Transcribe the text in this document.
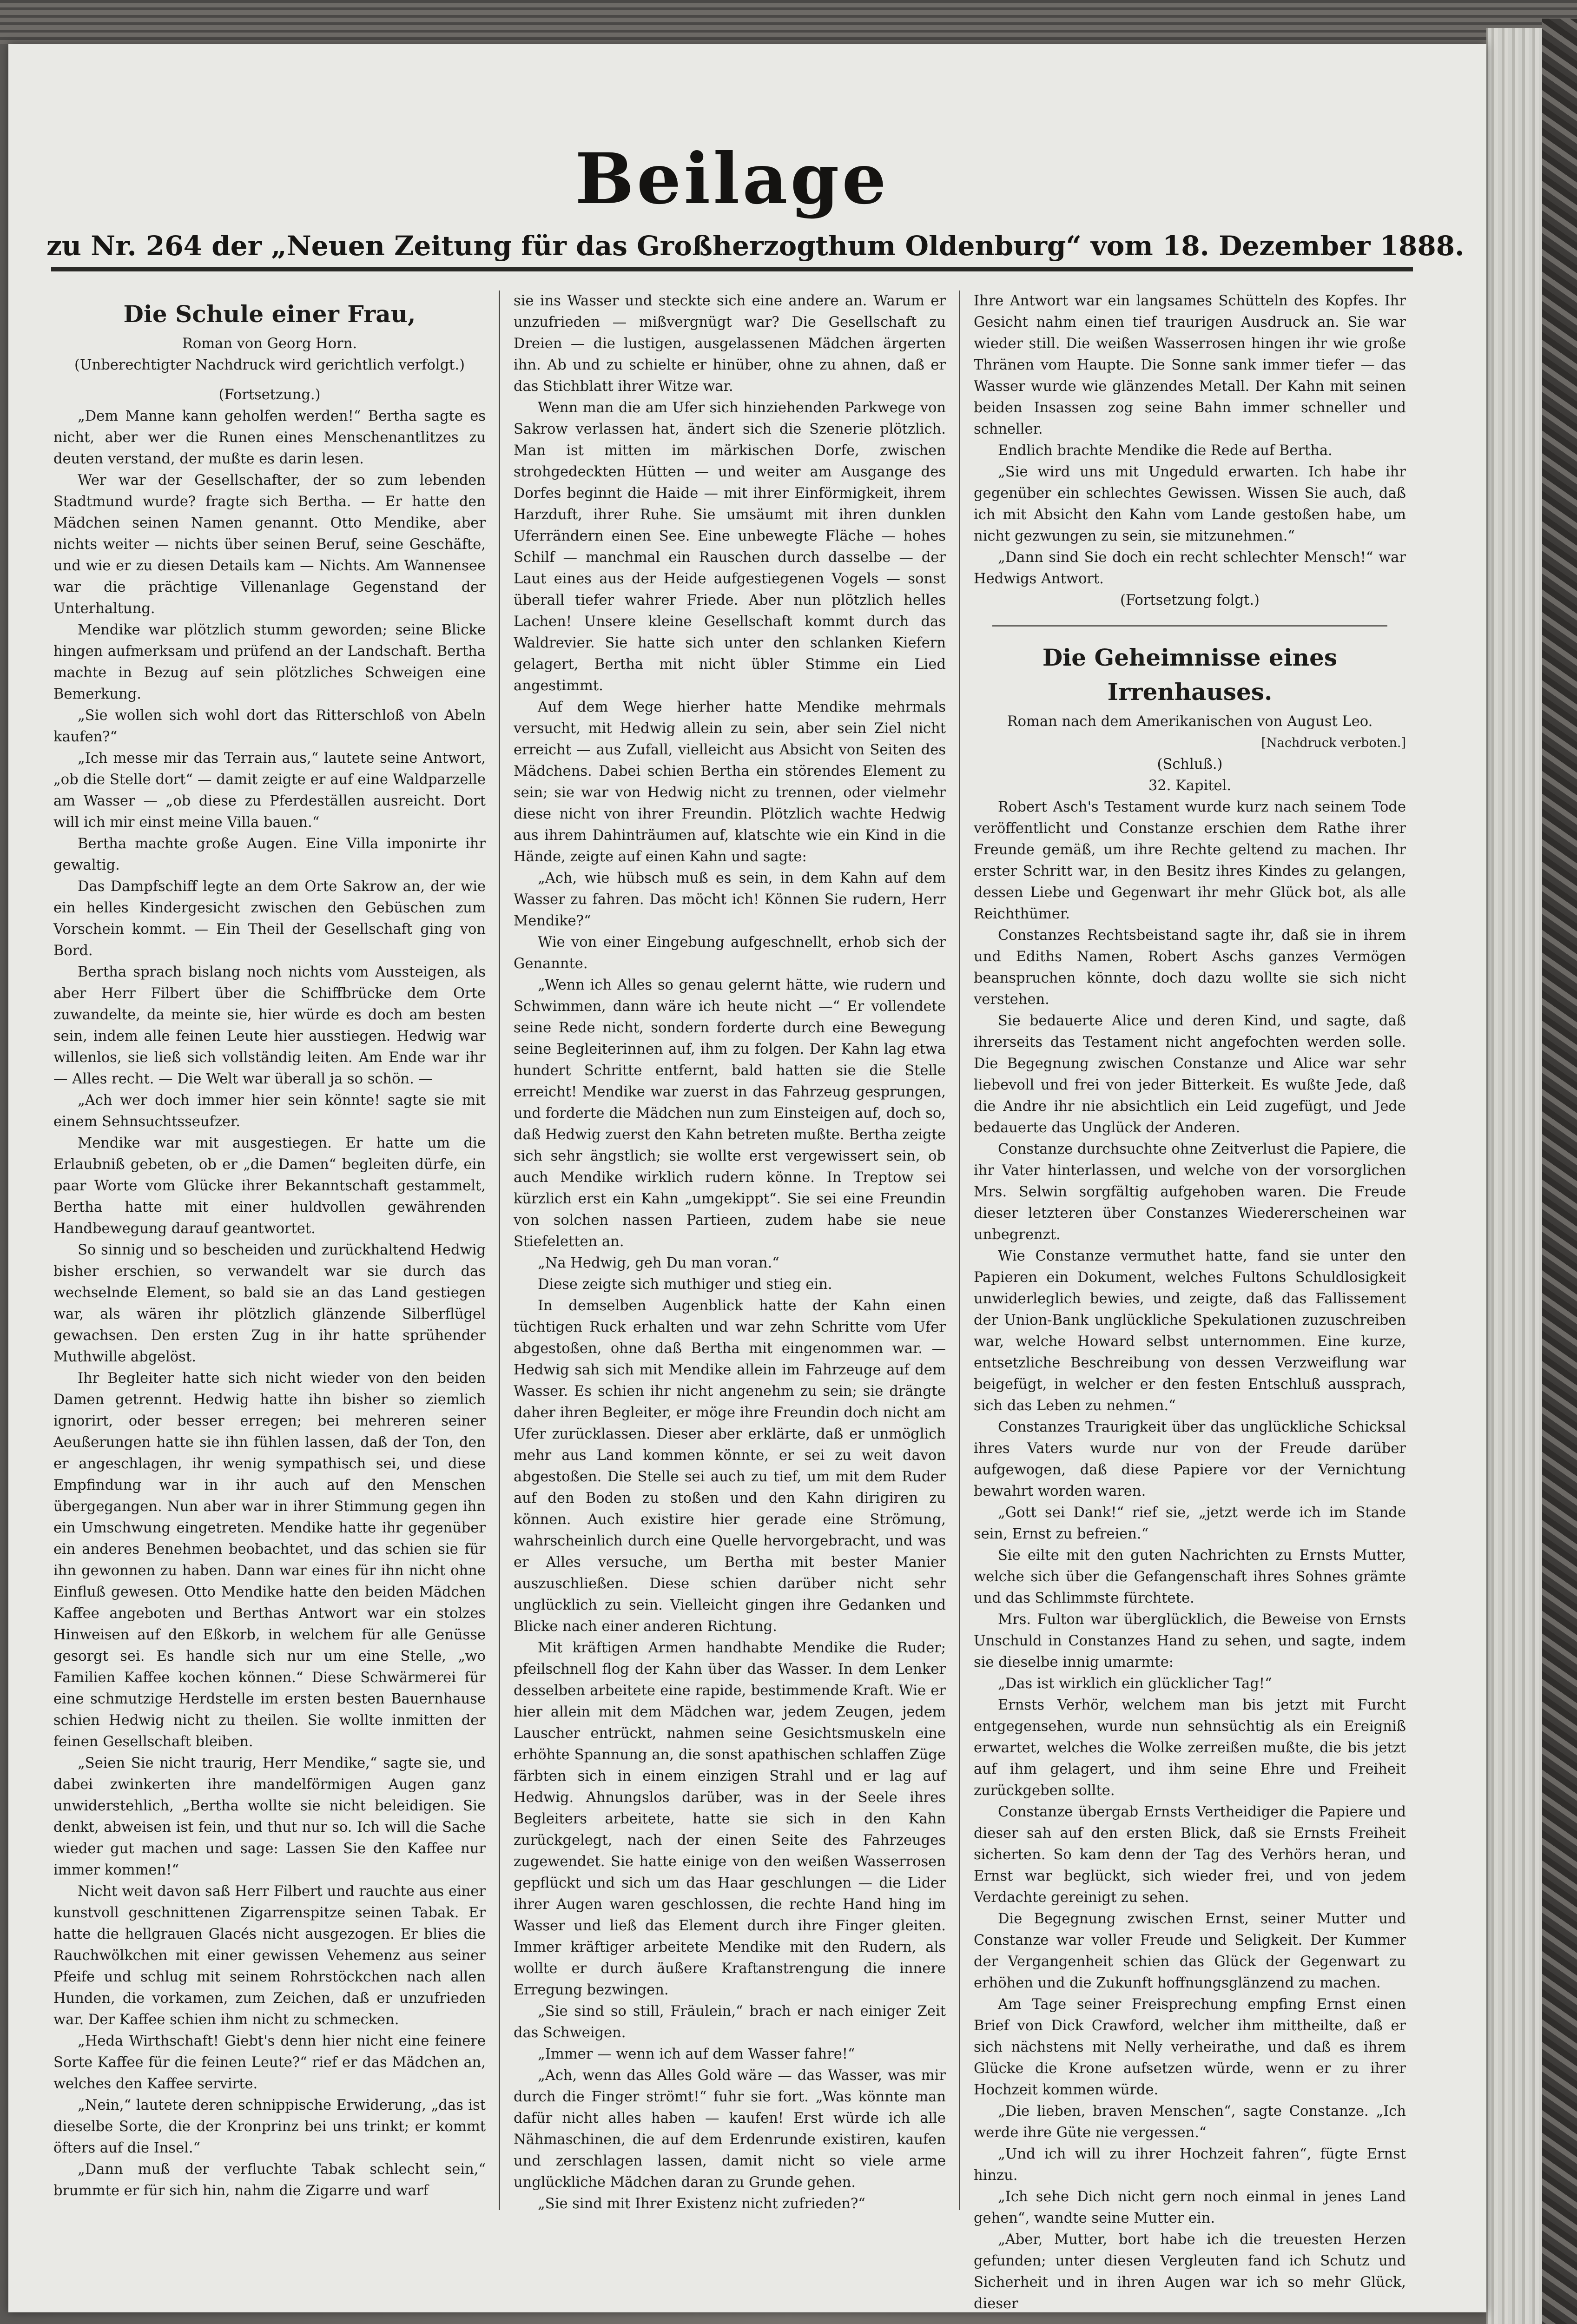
Beilage
zu Nr. 264 der „Neuen Zeitung für das Großherzogthum Oldenburg“ vom 18. Dezember 1888.
Die Schule einer Frau,

Roman von Georg Horn.

(Unberechtigter Nachdruck wird gerichtlich verfolgt.)

(Fortsetzung.)

„Dem Manne kann geholfen werden!“ Bertha sagte es nicht, aber wer die Runen eines Menschenantlitzes zu deuten verstand, der mußte es darin lesen.

Wer war der Gesellschafter, der so zum lebenden Stadtmund wurde? fragte sich Bertha. — Er hatte den Mädchen seinen Namen genannt. Otto Mendike, aber nichts weiter — nichts über seinen Beruf, seine Geschäfte, und wie er zu diesen Details kam — Nichts. Am Wannensee war die prächtige Villenanlage Gegenstand der Unterhaltung.

Mendike war plötzlich stumm geworden; seine Blicke hingen aufmerksam und prüfend an der Landschaft. Bertha machte in Bezug auf sein plötzliches Schweigen eine Bemerkung.

„Sie wollen sich wohl dort das Ritterschloß von Abeln kaufen?“

„Ich messe mir das Terrain aus,“ lautete seine Antwort, „ob die Stelle dort“ — damit zeigte er auf eine Waldparzelle am Wasser — „ob diese zu Pferdeställen ausreicht. Dort will ich mir einst meine Villa bauen.“

Bertha machte große Augen. Eine Villa imponirte ihr gewaltig.

Das Dampfschiff legte an dem Orte Sakrow an, der wie ein helles Kindergesicht zwischen den Gebüschen zum Vorschein kommt. — Ein Theil der Gesellschaft ging von Bord.

Bertha sprach bislang noch nichts vom Aussteigen, als aber Herr Filbert über die Schiffbrücke dem Orte zuwandelte, da meinte sie, hier würde es doch am besten sein, indem alle feinen Leute hier ausstiegen. Hedwig war willenlos, sie ließ sich vollständig leiten. Am Ende war ihr — Alles recht. — Die Welt war überall ja so schön. —

„Ach wer doch immer hier sein könnte! sagte sie mit einem Sehnsuchtsseufzer.

Mendike war mit ausgestiegen. Er hatte um die Erlaubniß gebeten, ob er „die Damen“ begleiten dürfe, ein paar Worte vom Glücke ihrer Bekanntschaft gestammelt, Bertha hatte mit einer huldvollen gewährenden Handbewegung darauf geantwortet.

So sinnig und so bescheiden und zurückhaltend Hedwig bisher erschien, so verwandelt war sie durch das wechselnde Element, so bald sie an das Land gestiegen war, als wären ihr plötzlich glänzende Silberflügel gewachsen. Den ersten Zug in ihr hatte sprühender Muthwille abgelöst.

Ihr Begleiter hatte sich nicht wieder von den beiden Damen getrennt. Hedwig hatte ihn bisher so ziemlich ignorirt, oder besser erregen; bei mehreren seiner Aeußerungen hatte sie ihn fühlen lassen, daß der Ton, den er angeschlagen, ihr wenig sympathisch sei, und diese Empfindung war in ihr auch auf den Menschen übergegangen. Nun aber war in ihrer Stimmung gegen ihn ein Umschwung eingetreten. Mendike hatte ihr gegenüber ein anderes Benehmen beobachtet, und das schien sie für ihn gewonnen zu haben. Dann war eines für ihn nicht ohne Einfluß gewesen. Otto Mendike hatte den beiden Mädchen Kaffee angeboten und Berthas Antwort war ein stolzes Hinweisen auf den Eßkorb, in welchem für alle Genüsse gesorgt sei. Es handle sich nur um eine Stelle, „wo Familien Kaffee kochen können.“ Diese Schwärmerei für eine schmutzige Herdstelle im ersten besten Bauernhause schien Hedwig nicht zu theilen. Sie wollte inmitten der feinen Gesellschaft bleiben.

„Seien Sie nicht traurig, Herr Mendike,“ sagte sie, und dabei zwinkerten ihre mandelförmigen Augen ganz unwiderstehlich, „Bertha wollte sie nicht beleidigen. Sie denkt, abweisen ist fein, und thut nur so. Ich will die Sache wieder gut machen und sage: Lassen Sie den Kaffee nur immer kommen!“

Nicht weit davon saß Herr Filbert und rauchte aus einer kunstvoll geschnittenen Zigarrenspitze seinen Tabak. Er hatte die hellgrauen Glacés nicht ausgezogen. Er blies die Rauchwölkchen mit einer gewissen Vehemenz aus seiner Pfeife und schlug mit seinem Rohrstöckchen nach allen Hunden, die vorkamen, zum Zeichen, daß er unzufrieden war. Der Kaffee schien ihm nicht zu schmecken.

„Heda Wirthschaft! Giebt's denn hier nicht eine feinere Sorte Kaffee für die feinen Leute?“ rief er das Mädchen an, welches den Kaffee servirte.

„Nein,“ lautete deren schnippische Erwiderung, „das ist dieselbe Sorte, die der Kronprinz bei uns trinkt; er kommt öfters auf die Insel.“

„Dann muß der verfluchte Tabak schlecht sein,“ brummte er für sich hin, nahm die Zigarre und warf

sie ins Wasser und steckte sich eine andere an. Warum er unzufrieden — mißvergnügt war? Die Gesellschaft zu Dreien — die lustigen, ausgelassenen Mädchen ärgerten ihn. Ab und zu schielte er hinüber, ohne zu ahnen, daß er das Stichblatt ihrer Witze war.

Wenn man die am Ufer sich hinziehenden Parkwege von Sakrow verlassen hat, ändert sich die Szenerie plötzlich. Man ist mitten im märkischen Dorfe, zwischen strohgedeckten Hütten — und weiter am Ausgange des Dorfes beginnt die Haide — mit ihrer Einförmigkeit, ihrem Harzduft, ihrer Ruhe. Sie umsäumt mit ihren dunklen Uferrändern einen See. Eine unbewegte Fläche — hohes Schilf — manchmal ein Rauschen durch dasselbe — der Laut eines aus der Heide aufgestiegenen Vogels — sonst überall tiefer wahrer Friede. Aber nun plötzlich helles Lachen! Unsere kleine Gesellschaft kommt durch das Waldrevier. Sie hatte sich unter den schlanken Kiefern gelagert, Bertha mit nicht übler Stimme ein Lied angestimmt.

Auf dem Wege hierher hatte Mendike mehrmals versucht, mit Hedwig allein zu sein, aber sein Ziel nicht erreicht — aus Zufall, vielleicht aus Absicht von Seiten des Mädchens. Dabei schien Bertha ein störendes Element zu sein; sie war von Hedwig nicht zu trennen, oder vielmehr diese nicht von ihrer Freundin. Plötzlich wachte Hedwig aus ihrem Dahinträumen auf, klatschte wie ein Kind in die Hände, zeigte auf einen Kahn und sagte:

„Ach, wie hübsch muß es sein, in dem Kahn auf dem Wasser zu fahren. Das möcht ich! Können Sie rudern, Herr Mendike?“

Wie von einer Eingebung aufgeschnellt, erhob sich der Genannte.

„Wenn ich Alles so genau gelernt hätte, wie rudern und Schwimmen, dann wäre ich heute nicht —“ Er vollendete seine Rede nicht, sondern forderte durch eine Bewegung seine Begleiterinnen auf, ihm zu folgen. Der Kahn lag etwa hundert Schritte entfernt, bald hatten sie die Stelle erreicht! Mendike war zuerst in das Fahrzeug gesprungen, und forderte die Mädchen nun zum Einsteigen auf, doch so, daß Hedwig zuerst den Kahn betreten mußte. Bertha zeigte sich sehr ängstlich; sie wollte erst vergewissert sein, ob auch Mendike wirklich rudern könne. In Treptow sei kürzlich erst ein Kahn „umgekippt“. Sie sei eine Freundin von solchen nassen Partieen, zudem habe sie neue Stiefeletten an.

„Na Hedwig, geh Du man voran.“

Diese zeigte sich muthiger und stieg ein.

In demselben Augenblick hatte der Kahn einen tüchtigen Ruck erhalten und war zehn Schritte vom Ufer abgestoßen, ohne daß Bertha mit eingenommen war. — Hedwig sah sich mit Mendike allein im Fahrzeuge auf dem Wasser. Es schien ihr nicht angenehm zu sein; sie drängte daher ihren Begleiter, er möge ihre Freundin doch nicht am Ufer zurücklassen. Dieser aber erklärte, daß er unmöglich mehr aus Land kommen könnte, er sei zu weit davon abgestoßen. Die Stelle sei auch zu tief, um mit dem Ruder auf den Boden zu stoßen und den Kahn dirigiren zu können. Auch existire hier gerade eine Strömung, wahrscheinlich durch eine Quelle hervorgebracht, und was er Alles versuche, um Bertha mit bester Manier auszuschließen. Diese schien darüber nicht sehr unglücklich zu sein. Vielleicht gingen ihre Gedanken und Blicke nach einer anderen Richtung.

Mit kräftigen Armen handhabte Mendike die Ruder; pfeilschnell flog der Kahn über das Wasser. In dem Lenker desselben arbeitete eine rapide, bestimmende Kraft. Wie er hier allein mit dem Mädchen war, jedem Zeugen, jedem Lauscher entrückt, nahmen seine Gesichtsmuskeln eine erhöhte Spannung an, die sonst apathischen schlaffen Züge färbten sich in einem einzigen Strahl und er lag auf Hedwig. Ahnungslos darüber, was in der Seele ihres Begleiters arbeitete, hatte sie sich in den Kahn zurückgelegt, nach der einen Seite des Fahrzeuges zugewendet. Sie hatte einige von den weißen Wasserrosen gepflückt und sich um das Haar geschlungen — die Lider ihrer Augen waren geschlossen, die rechte Hand hing im Wasser und ließ das Element durch ihre Finger gleiten. Immer kräftiger arbeitete Mendike mit den Rudern, als wollte er durch äußere Kraftanstrengung die innere Erregung bezwingen.

„Sie sind so still, Fräulein,“ brach er nach einiger Zeit das Schweigen.

„Immer — wenn ich auf dem Wasser fahre!“

„Ach, wenn das Alles Gold wäre — das Wasser, was mir durch die Finger strömt!“ fuhr sie fort. „Was könnte man dafür nicht alles haben — kaufen! Erst würde ich alle Nähmaschinen, die auf dem Erdenrunde existiren, kaufen und zerschlagen lassen, damit nicht so viele arme unglückliche Mädchen daran zu Grunde gehen.

„Sie sind mit Ihrer Existenz nicht zufrieden?“

Ihre Antwort war ein langsames Schütteln des Kopfes. Ihr Gesicht nahm einen tief traurigen Ausdruck an. Sie war wieder still. Die weißen Wasserrosen hingen ihr wie große Thränen vom Haupte. Die Sonne sank immer tiefer — das Wasser wurde wie glänzendes Metall. Der Kahn mit seinen beiden Insassen zog seine Bahn immer schneller und schneller.

Endlich brachte Mendike die Rede auf Bertha.

„Sie wird uns mit Ungeduld erwarten. Ich habe ihr gegenüber ein schlechtes Gewissen. Wissen Sie auch, daß ich mit Absicht den Kahn vom Lande gestoßen habe, um nicht gezwungen zu sein, sie mitzunehmen.“

„Dann sind Sie doch ein recht schlechter Mensch!“ war Hedwigs Antwort.

(Fortsetzung folgt.)

Die Geheimnisse eines Irrenhauses.

Roman nach dem Amerikanischen von August Leo.

[Nachdruck verboten.]

(Schluß.)

32. Kapitel.

Robert Asch's Testament wurde kurz nach seinem Tode veröffentlicht und Constanze erschien dem Rathe ihrer Freunde gemäß, um ihre Rechte geltend zu machen. Ihr erster Schritt war, in den Besitz ihres Kindes zu gelangen, dessen Liebe und Gegenwart ihr mehr Glück bot, als alle Reichthümer.

Constanzes Rechtsbeistand sagte ihr, daß sie in ihrem und Ediths Namen, Robert Aschs ganzes Vermögen beanspruchen könnte, doch dazu wollte sie sich nicht verstehen.

Sie bedauerte Alice und deren Kind, und sagte, daß ihrerseits das Testament nicht angefochten werden solle. Die Begegnung zwischen Constanze und Alice war sehr liebevoll und frei von jeder Bitterkeit. Es wußte Jede, daß die Andre ihr nie absichtlich ein Leid zugefügt, und Jede bedauerte das Unglück der Anderen.

Constanze durchsuchte ohne Zeitverlust die Papiere, die ihr Vater hinterlassen, und welche von der vorsorglichen Mrs. Selwin sorgfältig aufgehoben waren. Die Freude dieser letzteren über Constanzes Wiedererscheinen war unbegrenzt.

Wie Constanze vermuthet hatte, fand sie unter den Papieren ein Dokument, welches Fultons Schuldlosigkeit unwiderleglich bewies, und zeigte, daß das Fallissement der Union-Bank unglückliche Spekulationen zuzuschreiben war, welche Howard selbst unternommen. Eine kurze, entsetzliche Beschreibung von dessen Verzweiflung war beigefügt, in welcher er den festen Entschluß aussprach, sich das Leben zu nehmen.“

Constanzes Traurigkeit über das unglückliche Schicksal ihres Vaters wurde nur von der Freude darüber aufgewogen, daß diese Papiere vor der Vernichtung bewahrt worden waren.

„Gott sei Dank!“ rief sie, „jetzt werde ich im Stande sein, Ernst zu befreien.“

Sie eilte mit den guten Nachrichten zu Ernsts Mutter, welche sich über die Gefangenschaft ihres Sohnes grämte und das Schlimmste fürchtete.

Mrs. Fulton war überglücklich, die Beweise von Ernsts Unschuld in Constanzes Hand zu sehen, und sagte, indem sie dieselbe innig umarmte:

„Das ist wirklich ein glücklicher Tag!“

Ernsts Verhör, welchem man bis jetzt mit Furcht entgegensehen, wurde nun sehnsüchtig als ein Ereigniß erwartet, welches die Wolke zerreißen mußte, die bis jetzt auf ihm gelagert, und ihm seine Ehre und Freiheit zurückgeben sollte.

Constanze übergab Ernsts Vertheidiger die Papiere und dieser sah auf den ersten Blick, daß sie Ernsts Freiheit sicherten. So kam denn der Tag des Verhörs heran, und Ernst war beglückt, sich wieder frei, und von jedem Verdachte gereinigt zu sehen.

Die Begegnung zwischen Ernst, seiner Mutter und Constanze war voller Freude und Seligkeit. Der Kummer der Vergangenheit schien das Glück der Gegenwart zu erhöhen und die Zukunft hoffnungsglänzend zu machen.

Am Tage seiner Freisprechung empfing Ernst einen Brief von Dick Crawford, welcher ihm mittheilte, daß er sich nächstens mit Nelly verheirathe, und daß es ihrem Glücke die Krone aufsetzen würde, wenn er zu ihrer Hochzeit kommen würde.

„Die lieben, braven Menschen“, sagte Constanze. „Ich werde ihre Güte nie vergessen.“

„Und ich will zu ihrer Hochzeit fahren“, fügte Ernst hinzu.

„Ich sehe Dich nicht gern noch einmal in jenes Land gehen“, wandte seine Mutter ein.

„Aber, Mutter, bort habe ich die treuesten Herzen gefunden; unter diesen Vergleuten fand ich Schutz und Sicherheit und in ihren Augen war ich so mehr Glück, dieser
